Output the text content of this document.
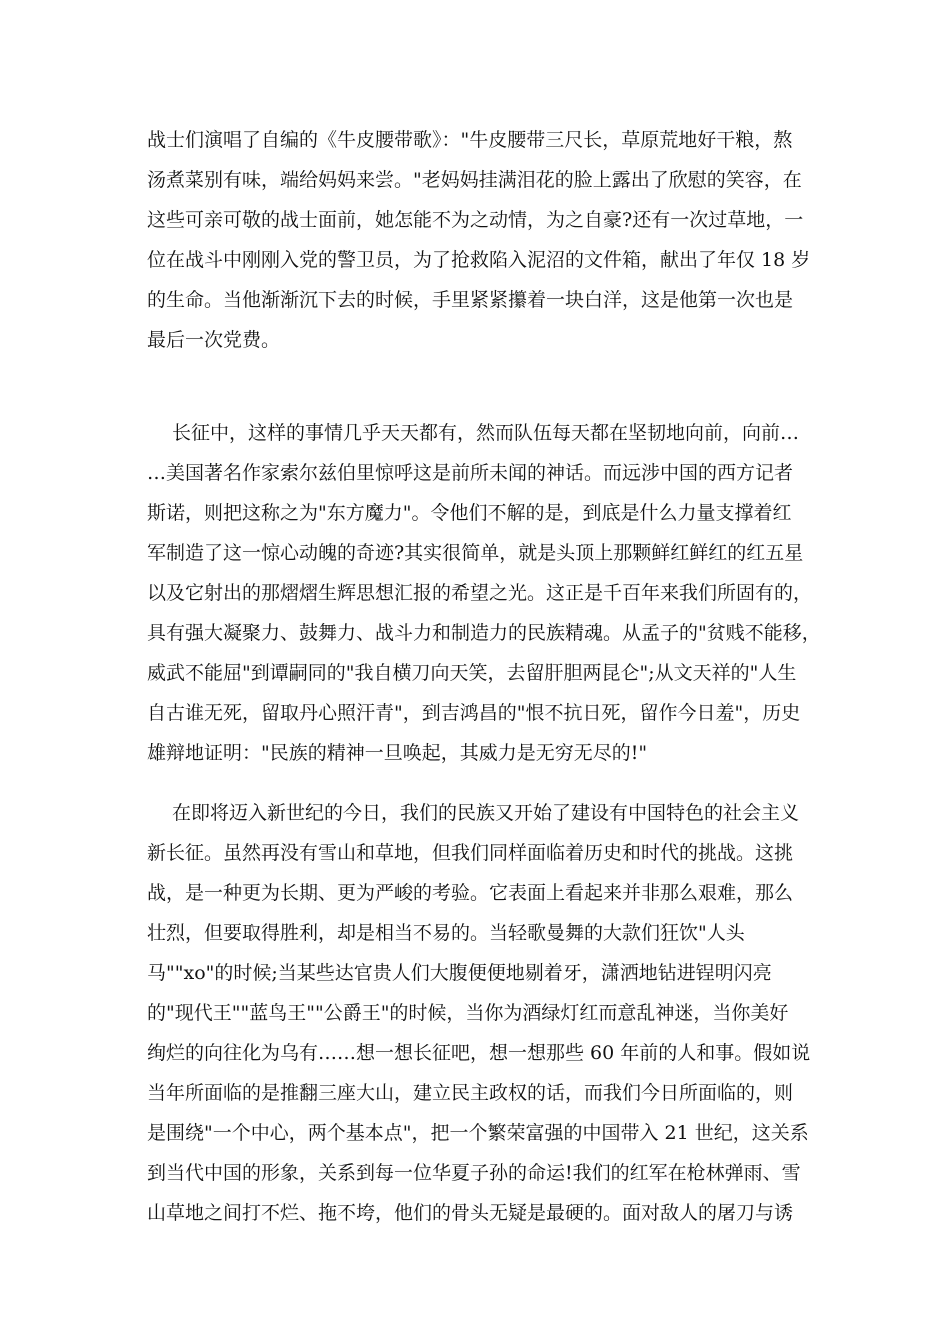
战士们演唱了自编的《牛皮腰带歌》："牛皮腰带三尺长，草原荒地好干粮，熬
汤煮菜别有味，端给妈妈来尝。"老妈妈挂满泪花的脸上露出了欣慰的笑容，在
这些可亲可敬的战士面前，她怎能不为之动情，为之自豪?还有一次过草地，一
位在战斗中刚刚入党的警卫员，为了抢救陷入泥沼的文件箱，献出了年仅 18 岁
的生命。当他渐渐沉下去的时候，手里紧紧攥着一块白洋，这是他第一次也是
最后一次党费。
长征中，这样的事情几乎天天都有，然而队伍每天都在坚韧地向前，向前…
…美国著名作家索尔兹伯里惊呼这是前所未闻的神话。而远涉中国的西方记者
斯诺，则把这称之为"东方魔力"。令他们不解的是，到底是什么力量支撑着红
军制造了这一惊心动魄的奇迹?其实很简单，就是头顶上那颗鲜红鲜红的红五星
以及它射出的那熠熠生辉思想汇报的希望之光。这正是千百年来我们所固有的，
具有强大凝聚力、鼓舞力、战斗力和制造力的民族精魂。从孟子的"贫贱不能移，
威武不能屈"到谭嗣同的"我自横刀向天笑，去留肝胆两昆仑";从文天祥的"人生
自古谁无死，留取丹心照汗青"，到吉鸿昌的"恨不抗日死，留作今日羞"，历史
雄辩地证明："民族的精神一旦唤起，其威力是无穷无尽的!"
在即将迈入新世纪的今日，我们的民族又开始了建设有中国特色的社会主义
新长征。虽然再没有雪山和草地，但我们同样面临着历史和时代的挑战。这挑
战，是一种更为长期、更为严峻的考验。它表面上看起来并非那么艰难，那么
壮烈，但要取得胜利，却是相当不易的。当轻歌曼舞的大款们狂饮"人头
马""xo"的时候;当某些达官贵人们大腹便便地剔着牙，潇洒地钻进锃明闪亮
的"现代王""蓝鸟王""公爵王"的时候，当你为酒绿灯红而意乱神迷，当你美好
绚烂的向往化为乌有……想一想长征吧，想一想那些 60 年前的人和事。假如说
当年所面临的是推翻三座大山，建立民主政权的话，而我们今日所面临的，则
是围绕"一个中心，两个基本点"，把一个繁荣富强的中国带入 21 世纪，这关系
到当代中国的形象，关系到每一位华夏子孙的命运!我们的红军在枪林弹雨、雪
山草地之间打不烂、拖不垮，他们的骨头无疑是最硬的。面对敌人的屠刀与诱
